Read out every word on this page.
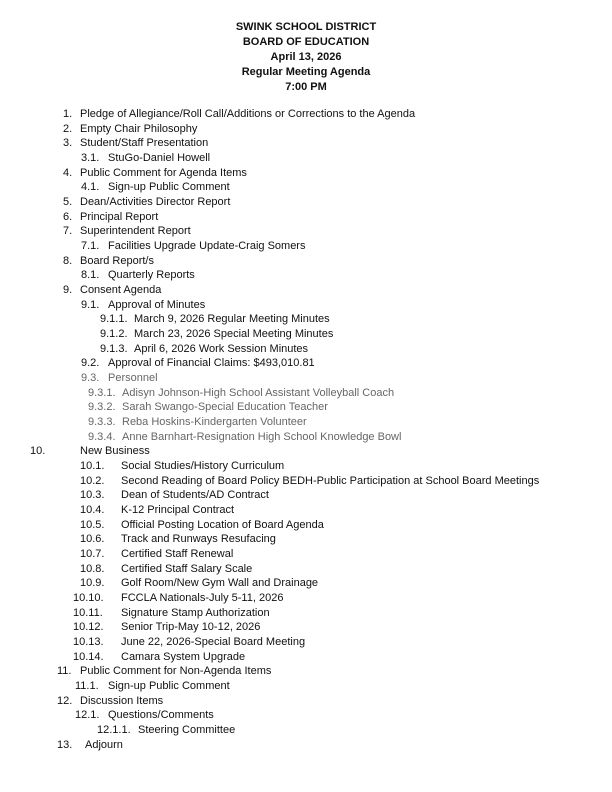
SWINK SCHOOL DISTRICT
BOARD OF EDUCATION
April 13, 2026
Regular Meeting Agenda
7:00 PM
1. Pledge of Allegiance/Roll Call/Additions or Corrections to the Agenda
2. Empty Chair Philosophy
3. Student/Staff Presentation
3.1. StuGo-Daniel Howell
4. Public Comment for Agenda Items
4.1. Sign-up Public Comment
5. Dean/Activities Director Report
6. Principal Report
7. Superintendent Report
7.1. Facilities Upgrade Update-Craig Somers
8. Board Report/s
8.1. Quarterly Reports
9. Consent Agenda
9.1. Approval of Minutes
9.1.1. March 9, 2026 Regular Meeting Minutes
9.1.2. March 23, 2026 Special Meeting Minutes
9.1.3. April 6, 2026 Work Session Minutes
9.2. Approval of Financial Claims: $493,010.81
9.3. Personnel
9.3.1. Adisyn Johnson-High School Assistant Volleyball Coach
9.3.2. Sarah Swango-Special Education Teacher
9.3.3. Reba Hoskins-Kindergarten Volunteer
9.3.4. Anne Barnhart-Resignation High School Knowledge Bowl
10.	New Business
10.1. Social Studies/History Curriculum
10.2. Second Reading of Board Policy BEDH-Public Participation at School Board Meetings
10.3. Dean of Students/AD Contract
10.4. K-12 Principal Contract
10.5. Official Posting Location of Board Agenda
10.6. Track and Runways Resufacing
10.7. Certified Staff Renewal
10.8. Certified Staff Salary Scale
10.9. Golf Room/New Gym Wall and Drainage
10.10. FCCLA Nationals-July 5-11, 2026
10.11. Signature Stamp Authorization
10.12. Senior Trip-May 10-12, 2026
10.13. June 22, 2026-Special Board Meeting
10.14. Camara System Upgrade
11. Public Comment for Non-Agenda Items
11.1. Sign-up Public Comment
12. Discussion Items
12.1. Questions/Comments
12.1.1. Steering Committee
13. Adjourn
